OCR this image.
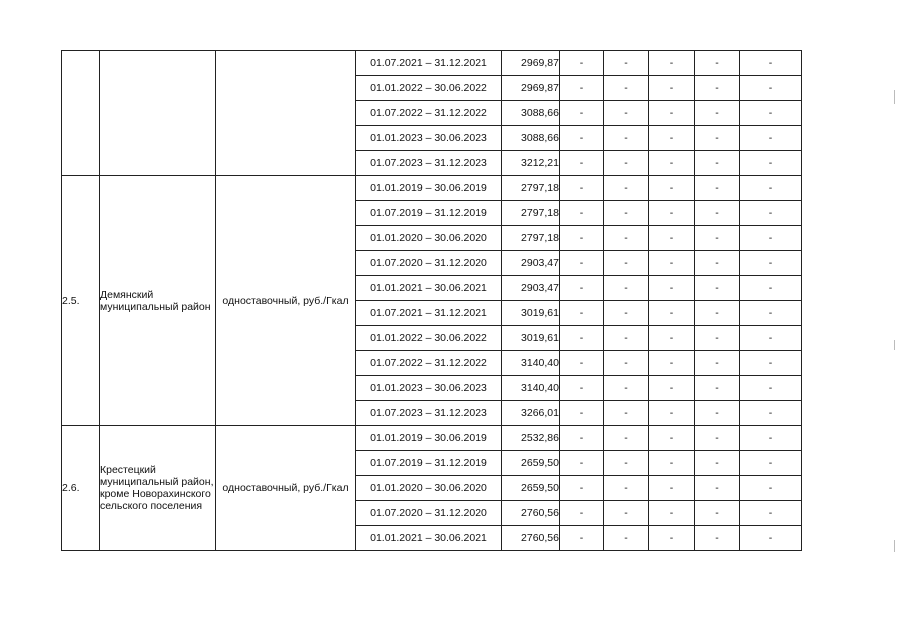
			01.07.2021 – 31.12.2021	2969,87	-	-	-	-	-
			01.01.2022 – 30.06.2022	2969,87	-	-	-	-	-
			01.07.2022 – 31.12.2022	3088,66	-	-	-	-	-
			01.01.2023 – 30.06.2023	3088,66	-	-	-	-	-
			01.07.2023 – 31.12.2023	3212,21	-	-	-	-	-
2.5.	Демянский муниципальный район	одноставочный, руб./Гкал	01.01.2019 – 30.06.2019	2797,18	-	-	-	-	-
			01.07.2019 – 31.12.2019	2797,18	-	-	-	-	-
			01.01.2020 – 30.06.2020	2797,18	-	-	-	-	-
			01.07.2020 – 31.12.2020	2903,47	-	-	-	-	-
			01.01.2021 – 30.06.2021	2903,47	-	-	-	-	-
			01.07.2021 – 31.12.2021	3019,61	-	-	-	-	-
			01.01.2022 – 30.06.2022	3019,61	-	-	-	-	-
			01.07.2022 – 31.12.2022	3140,40	-	-	-	-	-
			01.01.2023 – 30.06.2023	3140,40	-	-	-	-	-
			01.07.2023 – 31.12.2023	3266,01	-	-	-	-	-
2.6.	Крестецкий муниципальный район, кроме Новорахинского сельского поселения	одноставочный, руб./Гкал	01.01.2019 – 30.06.2019	2532,86	-	-	-	-	-
			01.07.2019 – 31.12.2019	2659,50	-	-	-	-	-
			01.01.2020 – 30.06.2020	2659,50	-	-	-	-	-
			01.07.2020 – 31.12.2020	2760,56	-	-	-	-	-
			01.01.2021 – 30.06.2021	2760,56	-	-	-	-	-
